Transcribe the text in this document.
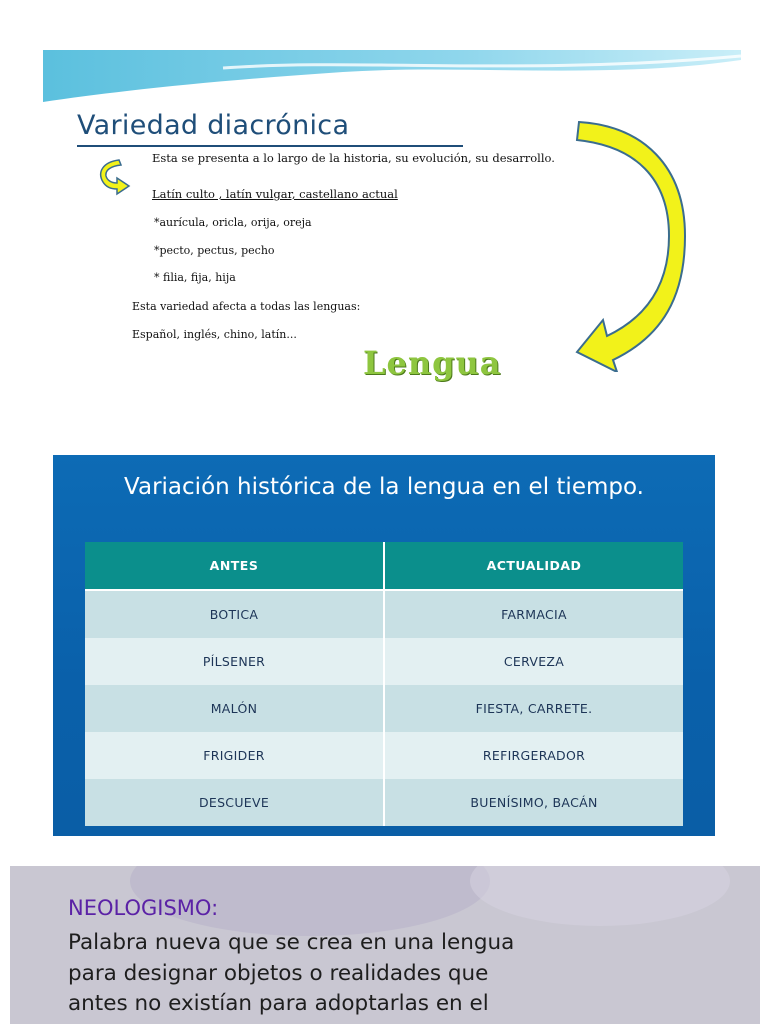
Variedad diacrónica
Esta se presenta a lo largo de la historia, su evolución, su desarrollo.
Latín culto , latín vulgar, castellano actual
*aurícula, oricla, orija, oreja
*pecto, pectus, pecho
* filia, fija, hija
Esta variedad afecta a todas las lenguas:
Español, inglés, chino, latín...
Lengua
Variación histórica de la lengua en el tiempo.
ANTES	ACTUALIDAD
BOTICA	FARMACIA
PÍLSENER	CERVEZA
MALÓN	FIESTA, CARRETE.
FRIGIDER	REFIRGERADOR
DESCUEVE	BUENÍSIMO, BACÁN
NEOLOGISMO:
Palabra nueva que se crea en una lengua
para designar objetos o realidades que
antes no existían para adoptarlas en el
